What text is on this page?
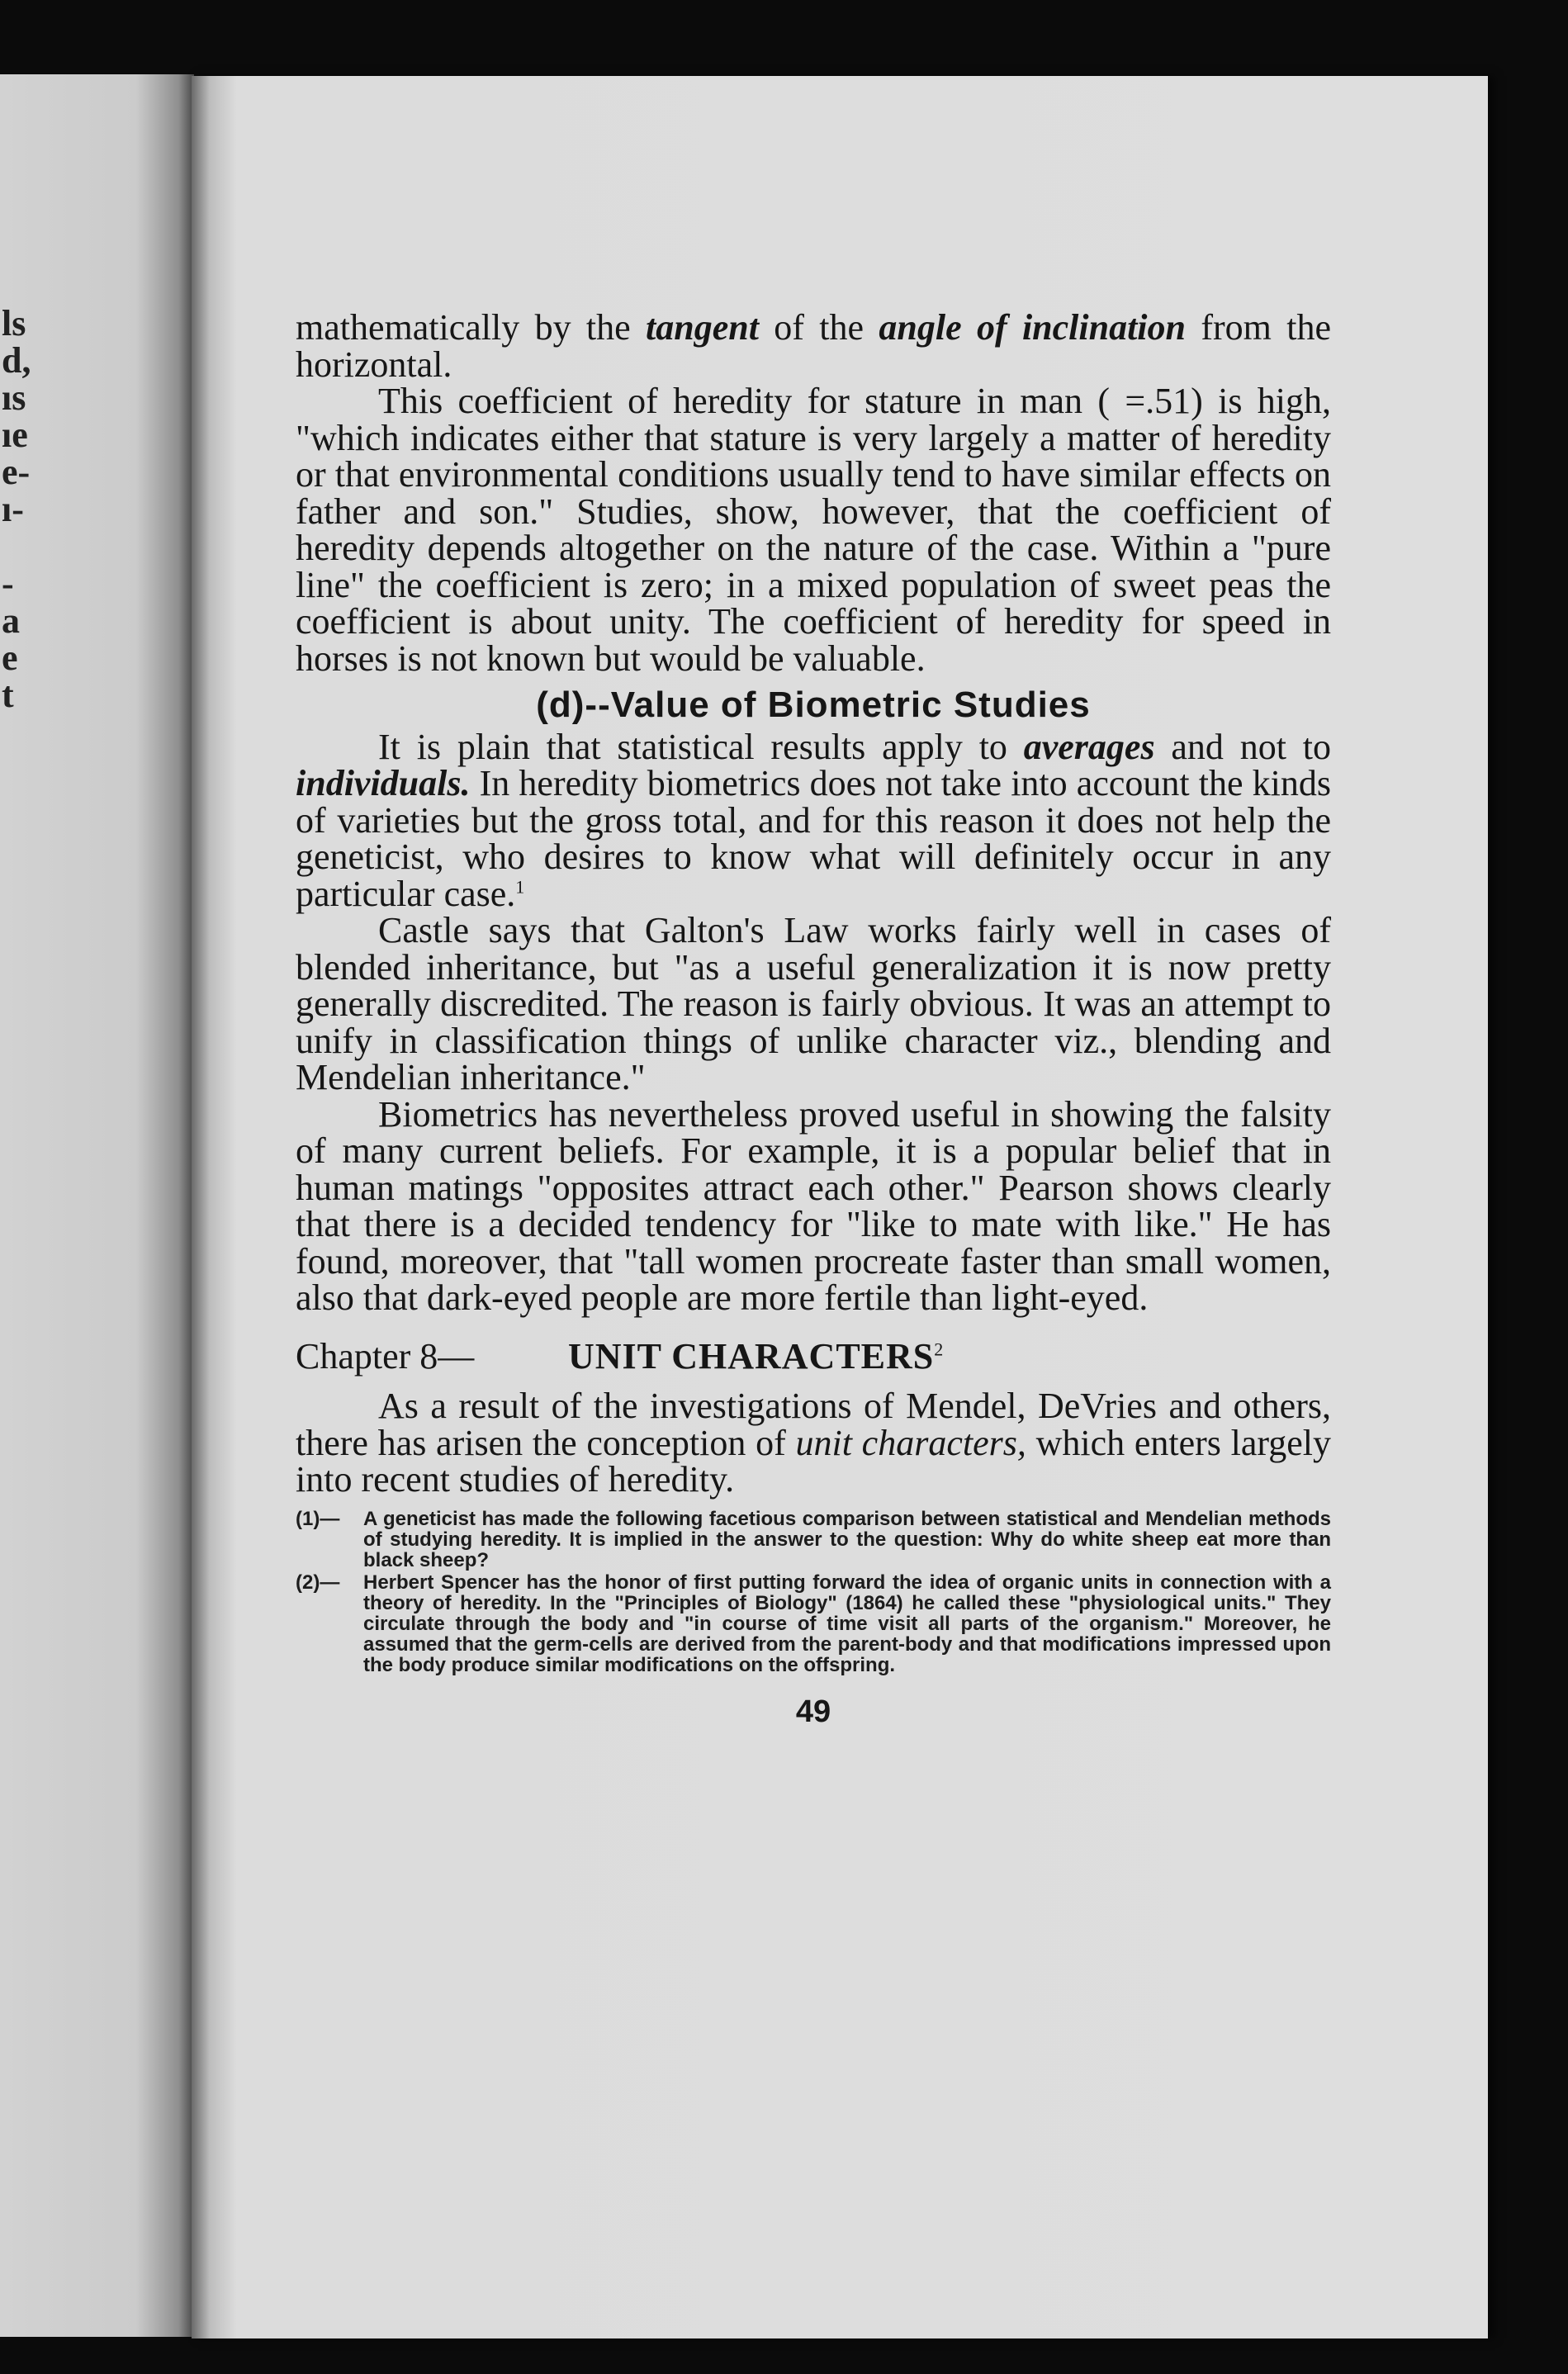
ls
d,
ıs
ıe
e-
ı-
-
a
e
t

mathematically by the tangent of the angle of inclination from the horizontal.

This coefficient of heredity for stature in man ( =.51) is high, "which indicates either that stature is very largely a matter of heredity or that environmental conditions usually tend to have similar effects on father and son." Studies, show, however, that the coefficient of heredity depends altogether on the nature of the case. Within a "pure line" the coefficient is zero; in a mixed population of sweet peas the coefficient is about unity. The coefficient of heredity for speed in horses is not known but would be valuable.

(d)--Value of Biometric Studies

It is plain that statistical results apply to averages and not to individuals. In heredity biometrics does not take into account the kinds of varieties but the gross total, and for this reason it does not help the geneticist, who desires to know what will definitely occur in any particular case.$^1$

Castle says that Galton's Law works fairly well in cases of blended inheritance, but "as a useful generalization it is now pretty generally discredited. The reason is fairly obvious. It was an attempt to unify in classification things of unlike character viz., blending and Mendelian inheritance."

Biometrics has nevertheless proved useful in showing the falsity of many current beliefs. For example, it is a popular belief that in human matings "opposites attract each other." Pearson shows clearly that there is a decided tendency for "like to mate with like." He has found, moreover, that "tall women procreate faster than small women, also that dark-eyed people are more fertile than light-eyed.

Chapter 8—	UNIT CHARACTERS$^2$

As a result of the investigations of Mendel, DeVries and others, there has arisen the conception of unit characters, which enters largely into recent studies of heredity.

(1)—	A geneticist has made the following facetious comparison between statistical and Mendelian methods of studying heredity. It is implied in the answer to the question: Why do white sheep eat more than black sheep?
(2)—	Herbert Spencer has the honor of first putting forward the idea of organic units in connection with a theory of heredity. In the "Principles of Biology" (1864) he called these "physiological units." They circulate through the body and "in course of time visit all parts of the organism." Moreover, he assumed that the germ-cells are derived from the parent-body and that modifications impressed upon the body produce similar modifications on the offspring.
49
